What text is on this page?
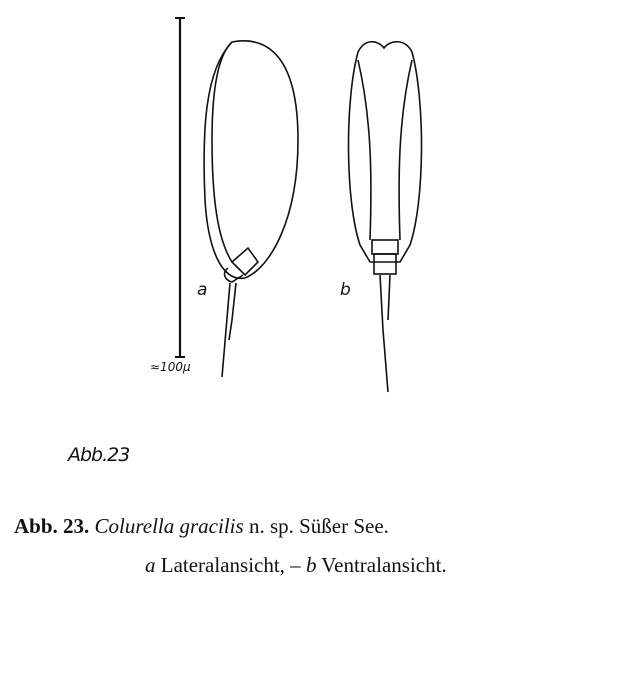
≈100μ
a	b
Abb.23
Abb. 23. Colurella gracilis n. sp. Süßer See.
a Lateralansicht, – b Ventralansicht.
